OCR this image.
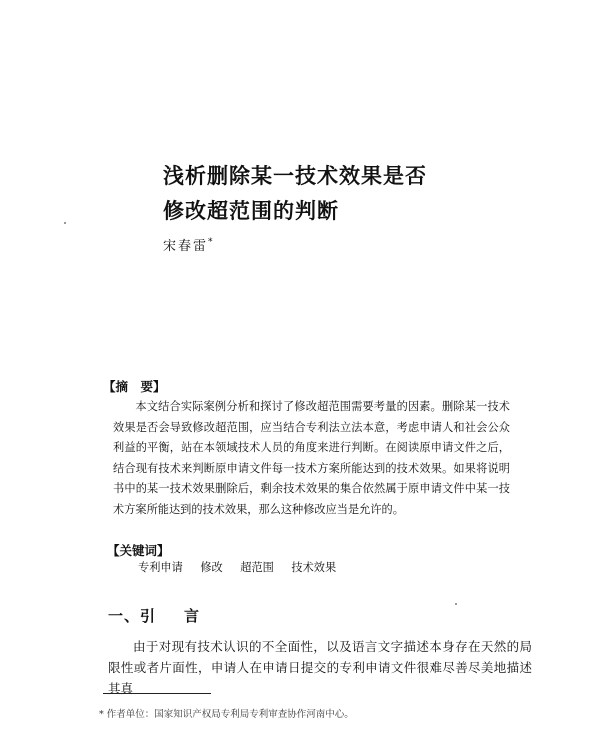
浅析删除某一技术效果是否
修改超范围的判断
宋春雷*
【摘　要】

本文结合实际案例分析和探讨了修改超范围需要考量的因素。删除某一技术效果是否会导致修改超范围，应当结合专利法立法本意，考虑申请人和社会公众利益的平衡，站在本领域技术人员的角度来进行判断。在阅读原申请文件之后，结合现有技术来判断原申请文件每一技术方案所能达到的技术效果。如果将说明书中的某一技术效果删除后，剩余技术效果的集合依然属于原申请文件中某一技术方案所能达到的技术效果，那么这种修改应当是允许的。

【关键词】
专利申请 修改 超范围 技术效果
一、引 言

由于对现有技术认识的不全面性，以及语言文字描述本身存在天然的局限性或者片面性，申请人在申请日提交的专利申请文件很难尽善尽美地描述其真

* 作者单位：国家知识产权局专利局专利审查协作河南中心。
